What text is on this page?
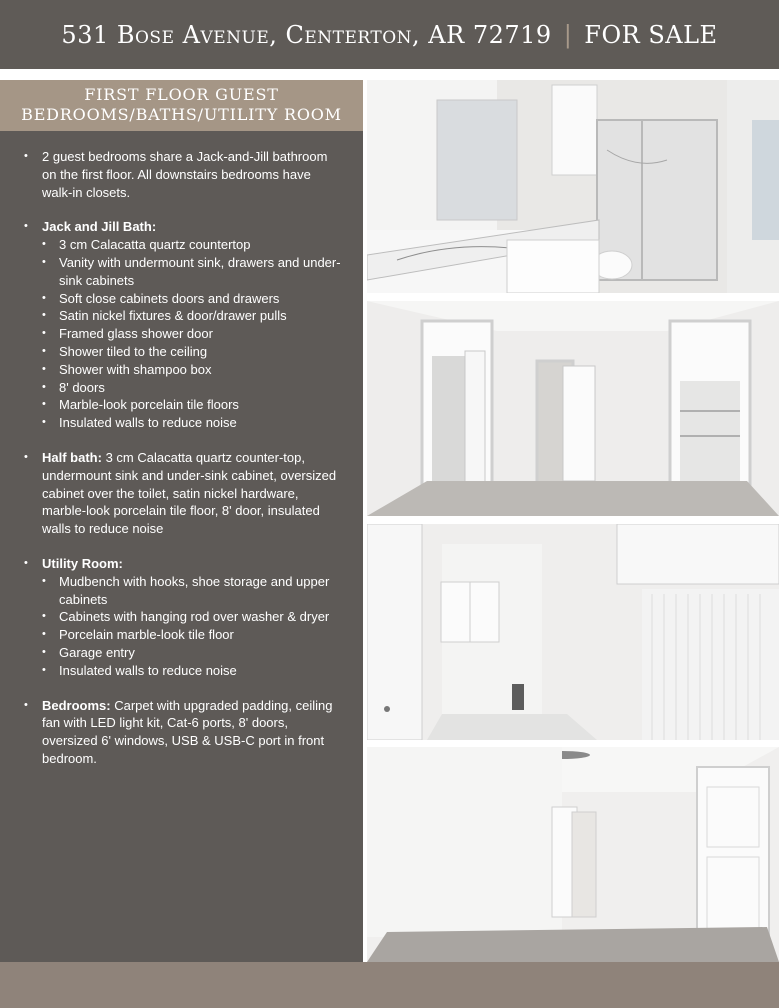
531 Bose Avenue, Centerton, AR 72719 | FOR SALE
FIRST FLOOR GUEST
BEDROOMS/BATHS/UTILITY ROOM
• 2 guest bedrooms share a Jack-and-Jill bathroom on the first floor. All downstairs bedrooms have walk-in closets.
• Jack and Jill Bath:
• 3 cm Calacatta quartz countertop
• Vanity with undermount sink, drawers and under-sink cabinets
• Soft close cabinets doors and drawers
• Satin nickel fixtures & door/drawer pulls
• Framed glass shower door
• Shower tiled to the ceiling
• Shower with shampoo box
• 8' doors
• Marble-look porcelain tile floors
• Insulated walls to reduce noise
• Half bath: 3 cm Calacatta quartz counter-top, undermount sink and under-sink cabinet, oversized cabinet over the toilet, satin nickel hardware, marble-look porcelain tile floor, 8' door, insulated walls to reduce noise
• Utility Room:
• Mudbench with hooks, shoe storage and upper cabinets
• Cabinets with hanging rod over washer & dryer
• Porcelain marble-look tile floor
• Garage entry
• Insulated walls to reduce noise
• Bedrooms: Carpet with upgraded padding, ceiling fan with LED light kit, Cat-6 ports, 8' doors, oversized 6' windows, USB & USB-C port in front bedroom.
